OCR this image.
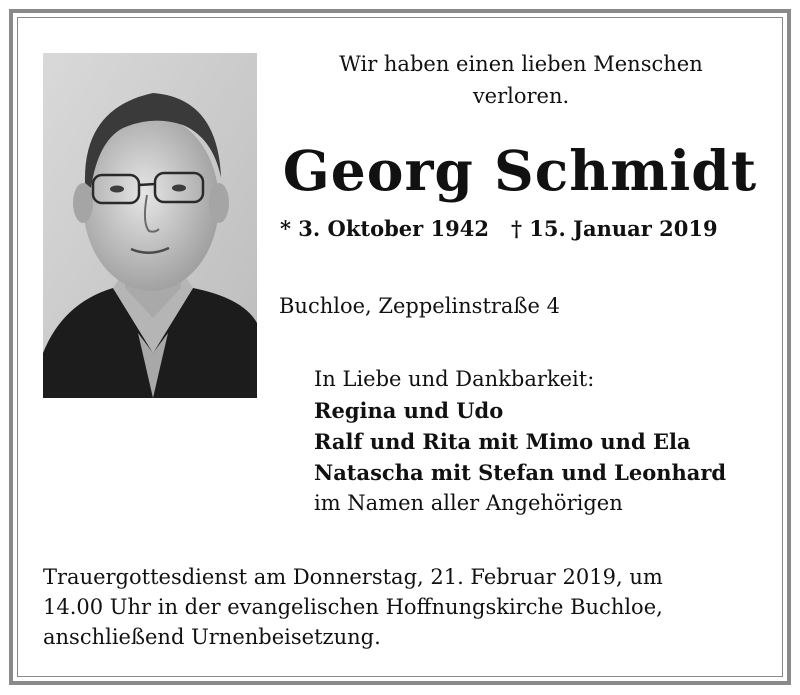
Wir haben einen lieben Menschen
verloren.
Georg Schmidt
* 3. Oktober 1942 † 15. Januar 2019
Buchloe, Zeppelinstraße 4
In Liebe und Dankbarkeit:
Regina und Udo
Ralf und Rita mit Mimo und Ela
Natascha mit Stefan und Leonhard
im Namen aller Angehörigen
Trauergottesdienst am Donnerstag, 21. Februar 2019, um
14.00 Uhr in der evangelischen Hoffnungskirche Buchloe,
anschließend Urnenbeisetzung.
